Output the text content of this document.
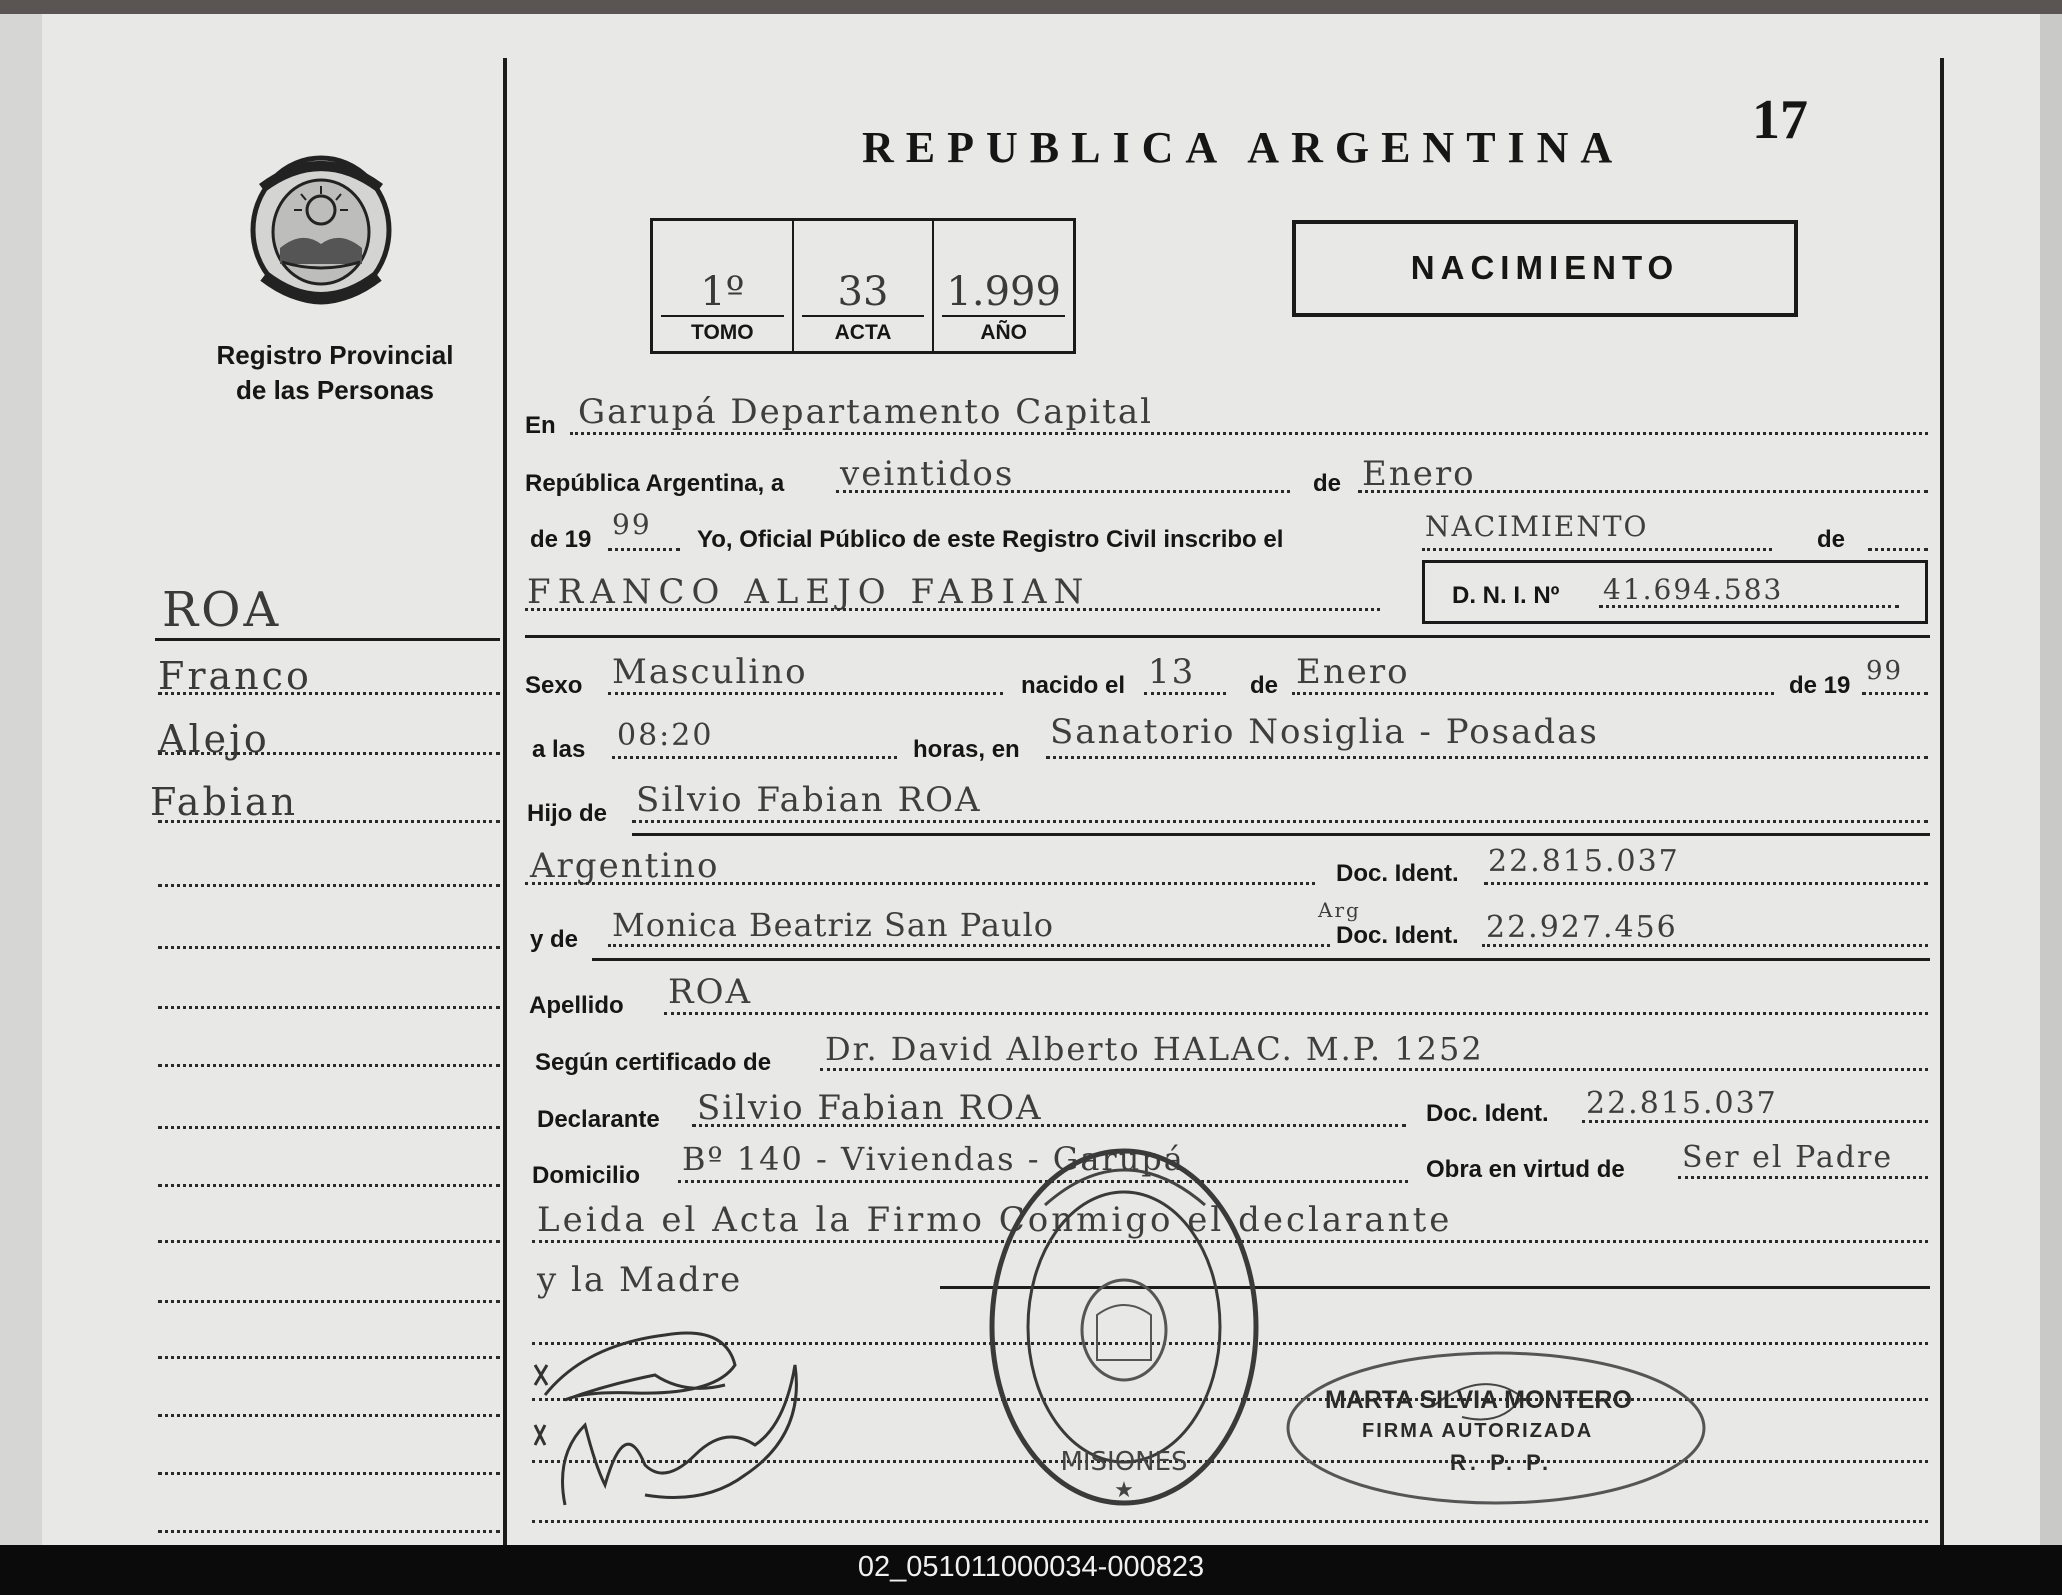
REPUBLICA ARGENTINA 17
Registro Provincial
de las Personas
1º
TOMO
33
ACTA
1.999
AÑO
NACIMIENTO
ROA
Franco
Alejo
Fabian
En Garupá Departamento Capital
República Argentina, a veintidos	de Enero
de 19 99 Yo, Oficial Público de este Registro Civil inscribo el	NACIMIENTO	de
FRANCO ALEJO FABIAN	D. N. I. Nº 41.694.583
Sexo Masculino	nacido el 13 de Enero	de 19 99
a las 08:20	horas, en Sanatorio Nosiglia - Posadas
Hijo de Silvio Fabian ROA
Argentino	Doc. Ident. 22.815.037
y de Monica Beatriz San Paulo	Arg
Doc. Ident. 22.927.456
Apellido ROA
Según certificado de Dr. David Alberto HALAC. M.P. 1252
Declarante Silvio Fabian ROA	Doc. Ident. 22.815.037
Domicilio Bº 140 - Viviendas - Garupá	Obra en virtud de Ser el Padre
Leida el Acta la Firmo Conmigo el declarante
y la Madre
MISIONES
★
MARTA SILVIA MONTERO
FIRMA AUTORIZADA
R. P. P.
02_051011000034-000823
